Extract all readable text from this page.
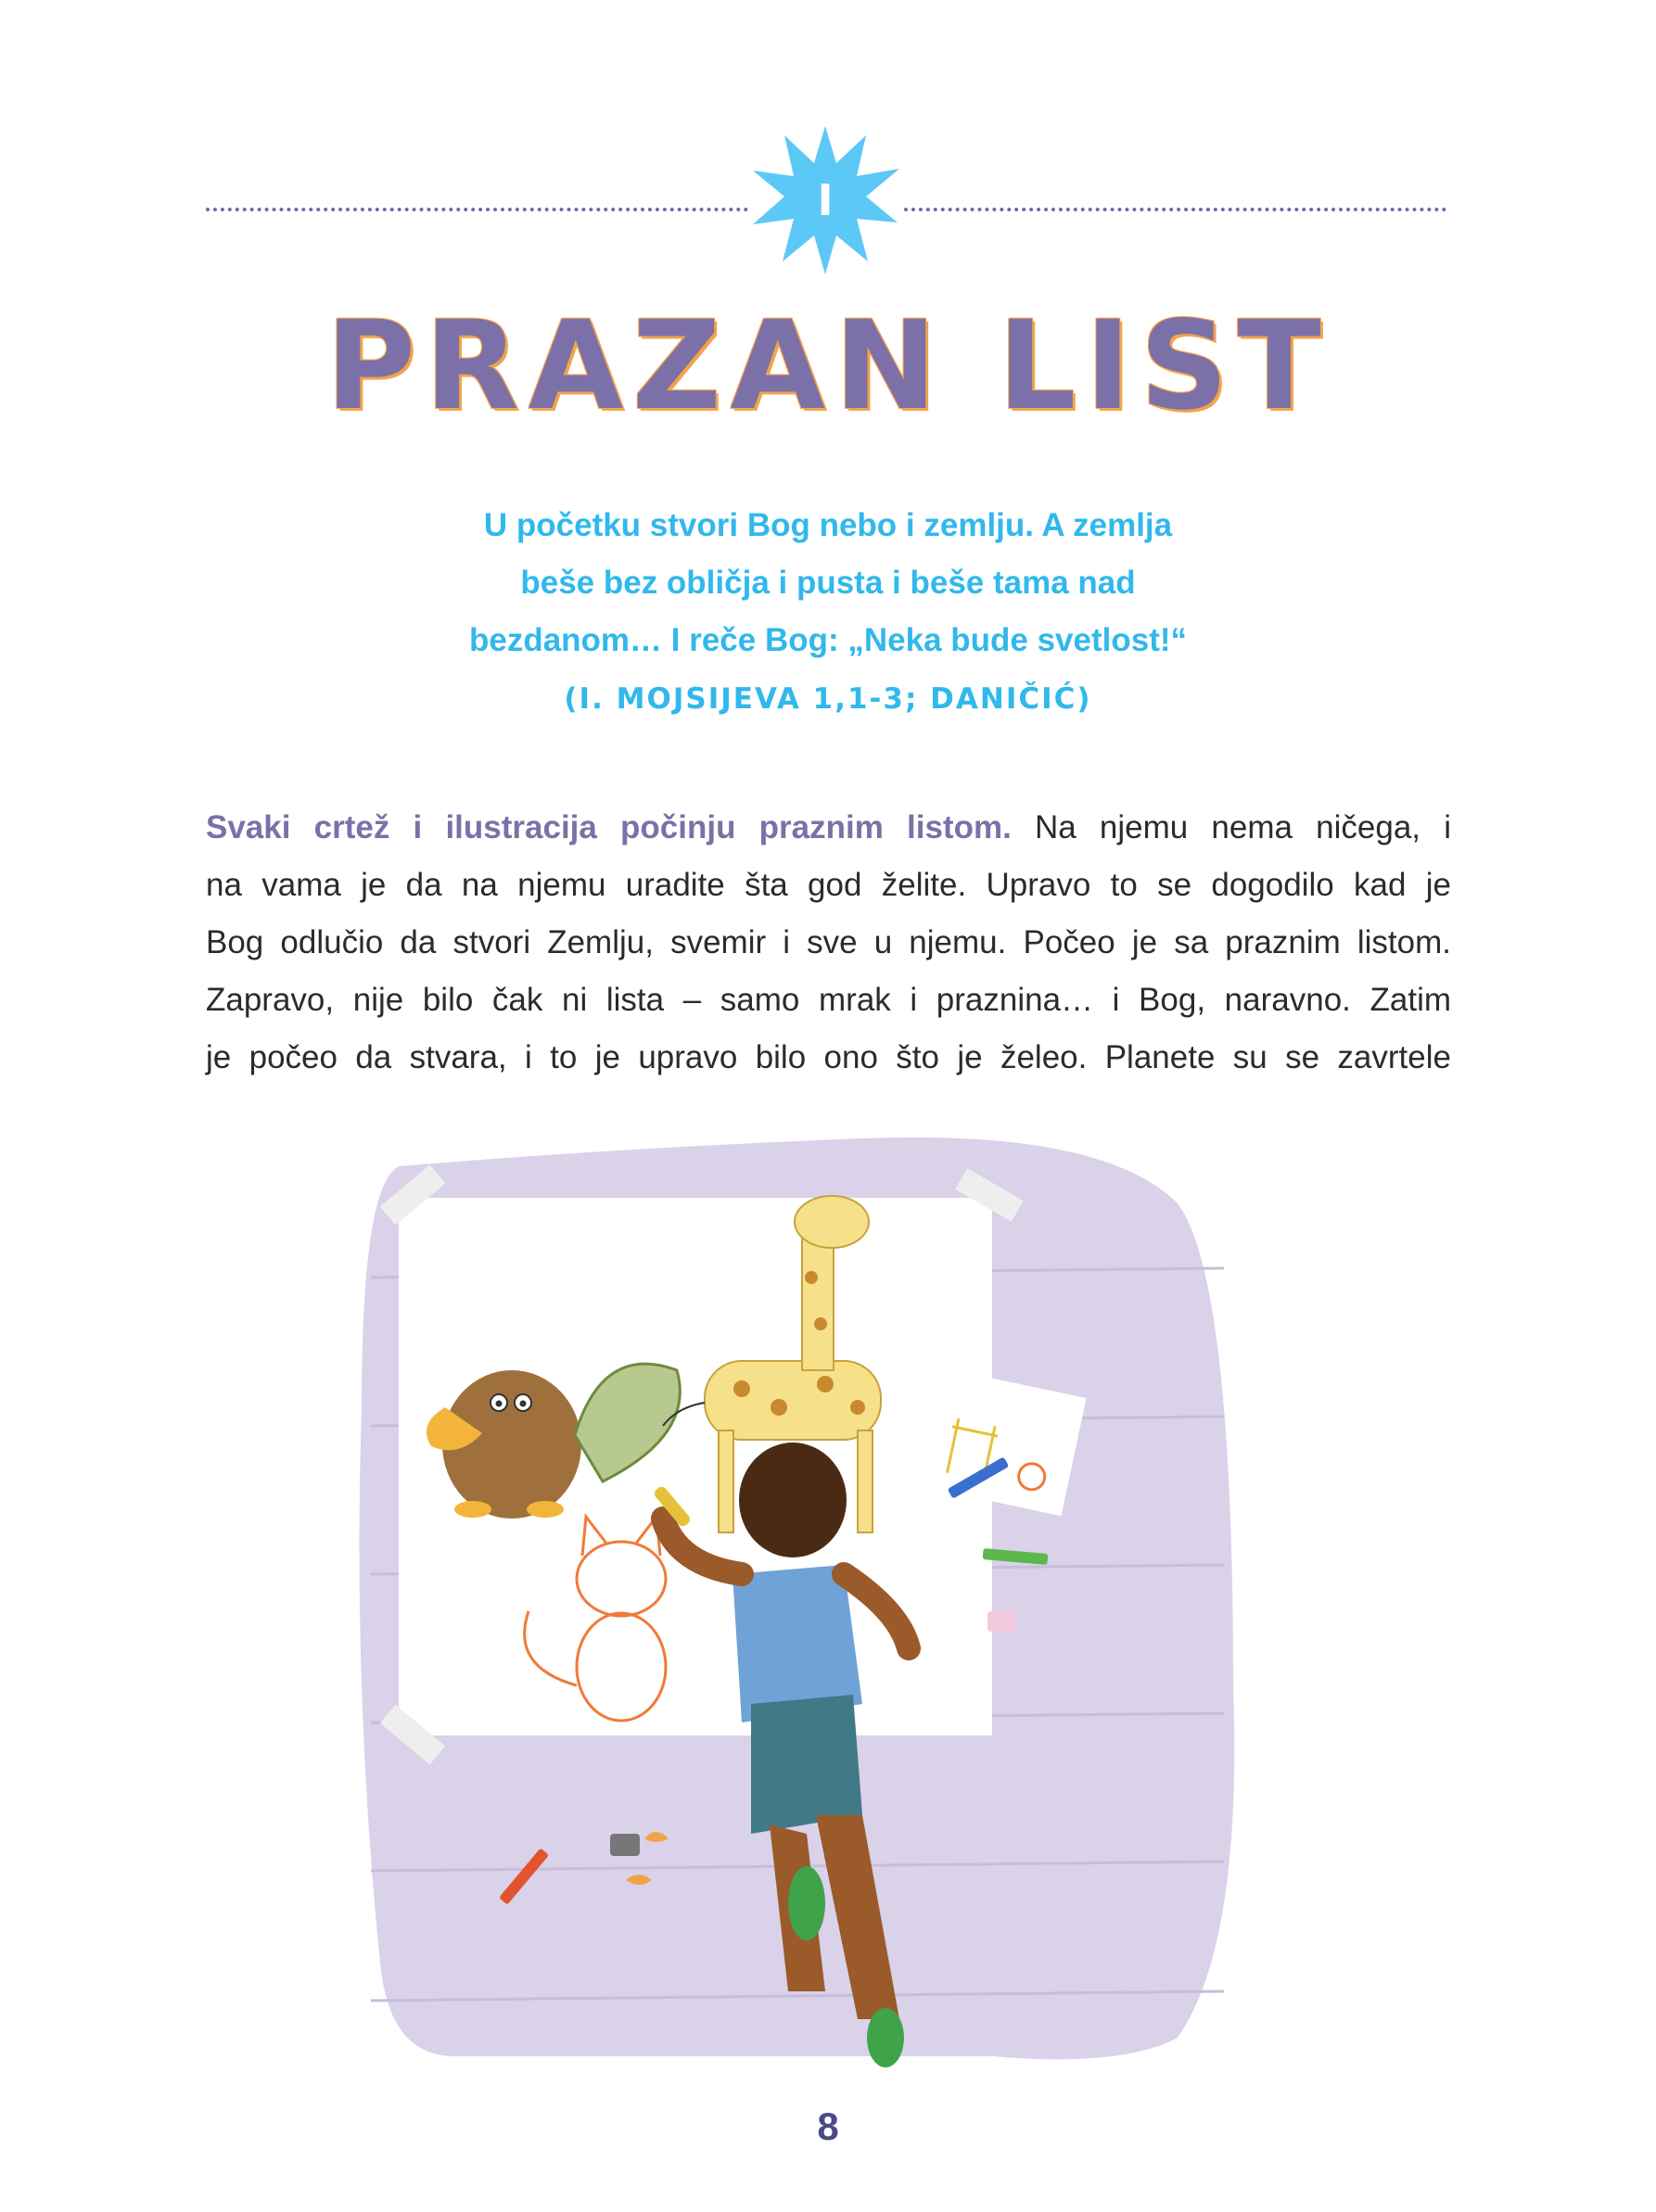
I
PRAZAN LIST
U početku stvori Bog nebo i zemlju. A zemlja
beše bez obličja i pusta i beše tama nad
bezdanom… I reče Bog: „Neka bude svetlost!“
(I. MOJSIJEVA 1,1-3; DANIČIĆ)
Svaki crtež i ilustracija počinju praznim listom. Na njemu nema ničega, i
na vama je da na njemu uradite šta god želite. Upravo to se dogodilo kad je
Bog odlučio da stvori Zemlju, svemir i sve u njemu. Počeo je sa praznim listom.
Zapravo, nije bilo čak ni lista – samo mrak i praznina… i Bog, naravno. Zatim
je počeo da stvara, i to je upravo bilo ono što je želeo. Planete su se zavrtele
8
